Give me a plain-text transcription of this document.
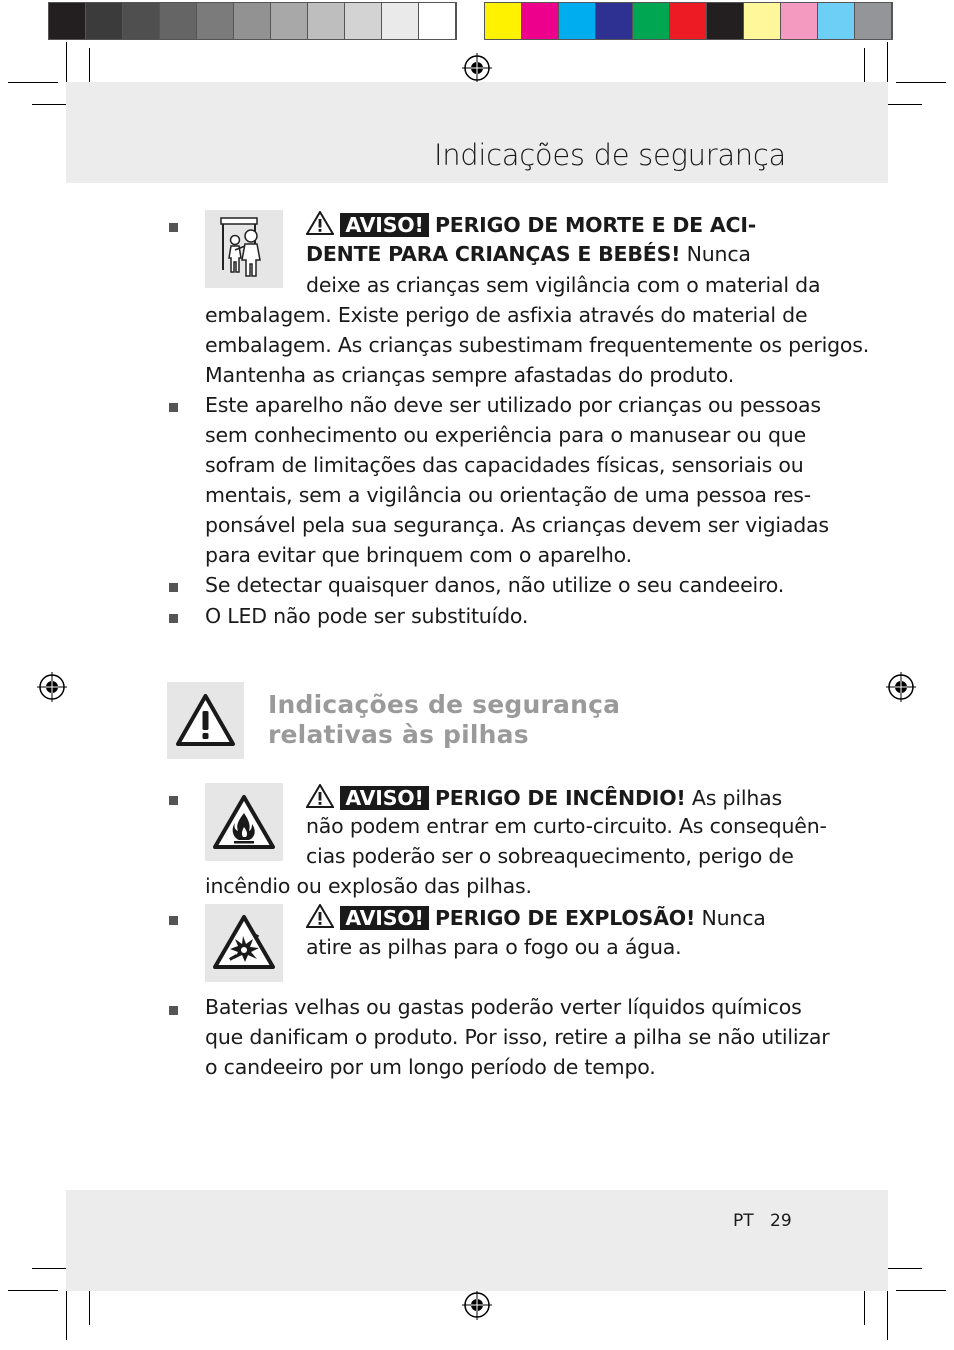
Indicações de segurança
AVISO! PERIGO DE MORTE E DE ACI-
DENTE PARA CRIANÇAS E BEBÉS! Nunca
deixe as crianças sem vigilância com o material da
embalagem. Existe perigo de asfixia através do material de
embalagem. As crianças subestimam frequentemente os perigos.
Mantenha as crianças sempre afastadas do produto.
Este aparelho não deve ser utilizado por crianças ou pessoas
sem conhecimento ou experiência para o manusear ou que
sofram de limitações das capacidades físicas, sensoriais ou
mentais, sem a vigilância ou orientação de uma pessoa res-
ponsável pela sua segurança. As crianças devem ser vigiadas
para evitar que brinquem com o aparelho.
Se detectar quaisquer danos, não utilize o seu candeeiro.
O LED não pode ser substituído.
Indicações de segurança
relativas às pilhas
AVISO! PERIGO DE INCÊNDIO! As pilhas
não podem entrar em curto-circuito. As consequên-
cias poderão ser o sobreaquecimento, perigo de
incêndio ou explosão das pilhas.
AVISO! PERIGO DE EXPLOSÃO! Nunca
atire as pilhas para o fogo ou a água.
Baterias velhas ou gastas poderão verter líquidos químicos
que danificam o produto. Por isso, retire a pilha se não utilizar
o candeeiro por um longo período de tempo.
PT 29
